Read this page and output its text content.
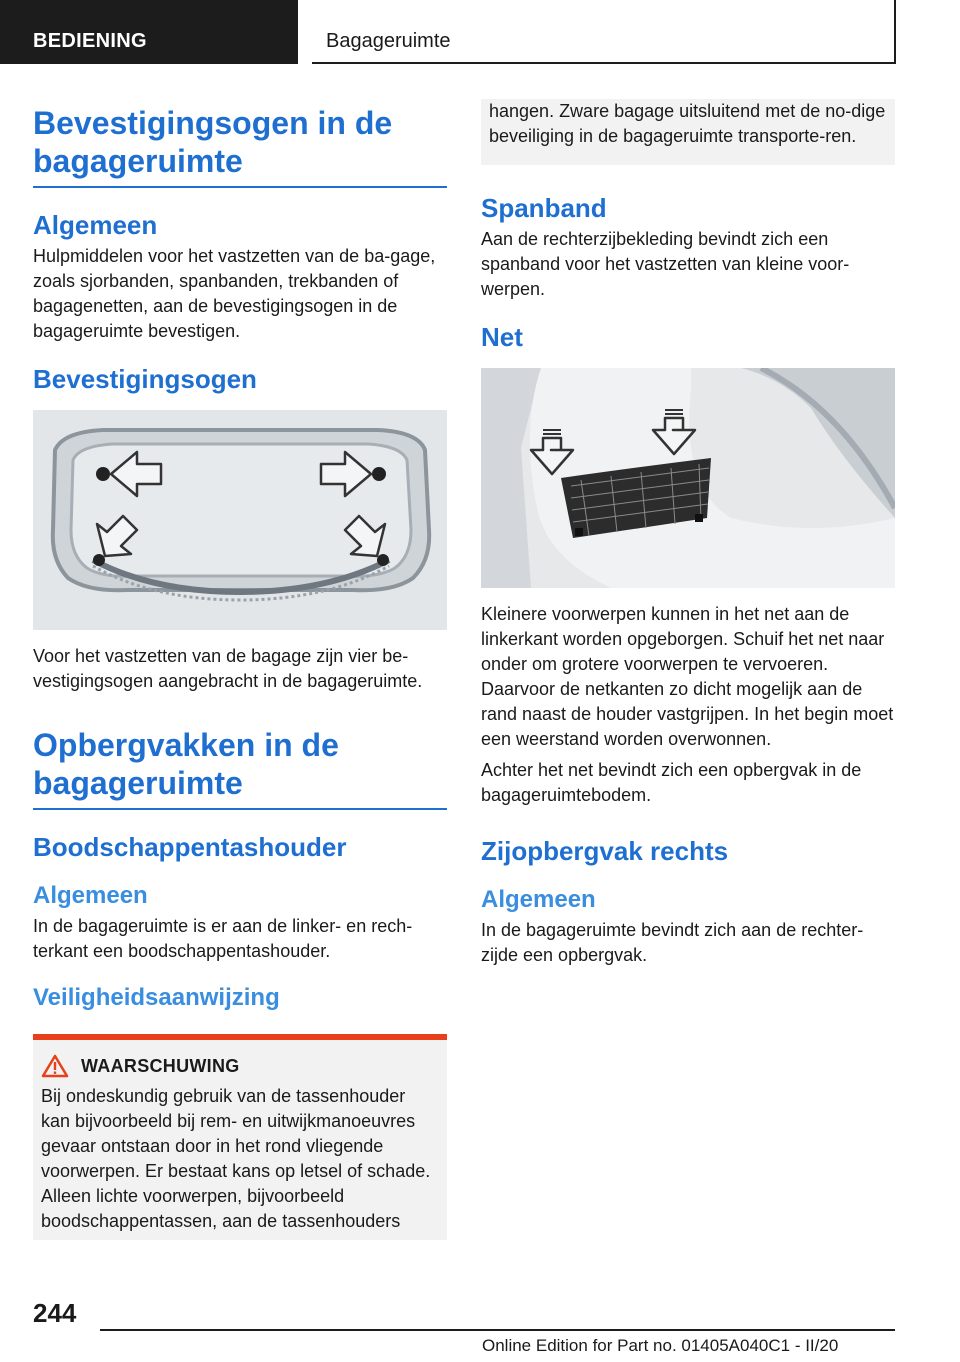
BEDIENING	Bagageruimte
Bevestigingsogen in de bagageruimte
Algemeen

Hulpmiddelen voor het vastzetten van de ba‐gage, zoals sjorbanden, spanbanden, trekbanden of bagagenetten, aan de bevestigingsogen in de bagageruimte bevestigen.

Bevestigingsogen

Voor het vastzetten van de bagage zijn vier be‐vestigingsogen aangebracht in de bagageruimte.

Opbergvakken in de bagageruimte
Boodschappentashouder
Algemeen

In de bagageruimte is er aan de linker- en rech‐terkant een boodschappentashouder.

Veiligheidsaanwijzing
WAARSCHUWING

Bij ondeskundig gebruik van de tassenhouder kan bijvoorbeeld bij rem- en uitwijkmanoeuvres gevaar ontstaan door in het rond vliegende voorwerpen. Er bestaat kans op letsel of schade. Alleen lichte voorwerpen, bijvoorbeeld boodschappentassen, aan de tassenhouders

hangen. Zware bagage uitsluitend met de no‐dige beveiliging in de bagageruimte transporte‐ren.

Spanband

Aan de rechterzijbekleding bevindt zich een spanband voor het vastzetten van kleine voor‐werpen.

Net

Kleinere voorwerpen kunnen in het net aan de linkerkant worden opgeborgen. Schuif het net naar onder om grotere voorwerpen te vervoeren. Daarvoor de netkanten zo dicht mogelijk aan de rand naast de houder vastgrijpen. In het begin moet een weerstand worden overwonnen.

Achter het net bevindt zich een opbergvak in de bagageruimtebodem.

Zijopbergvak rechts
Algemeen

In de bagageruimte bevindt zich aan de rechter‐zijde een opbergvak.

244
Online Edition for Part no. 01405A040C1 - II/20
